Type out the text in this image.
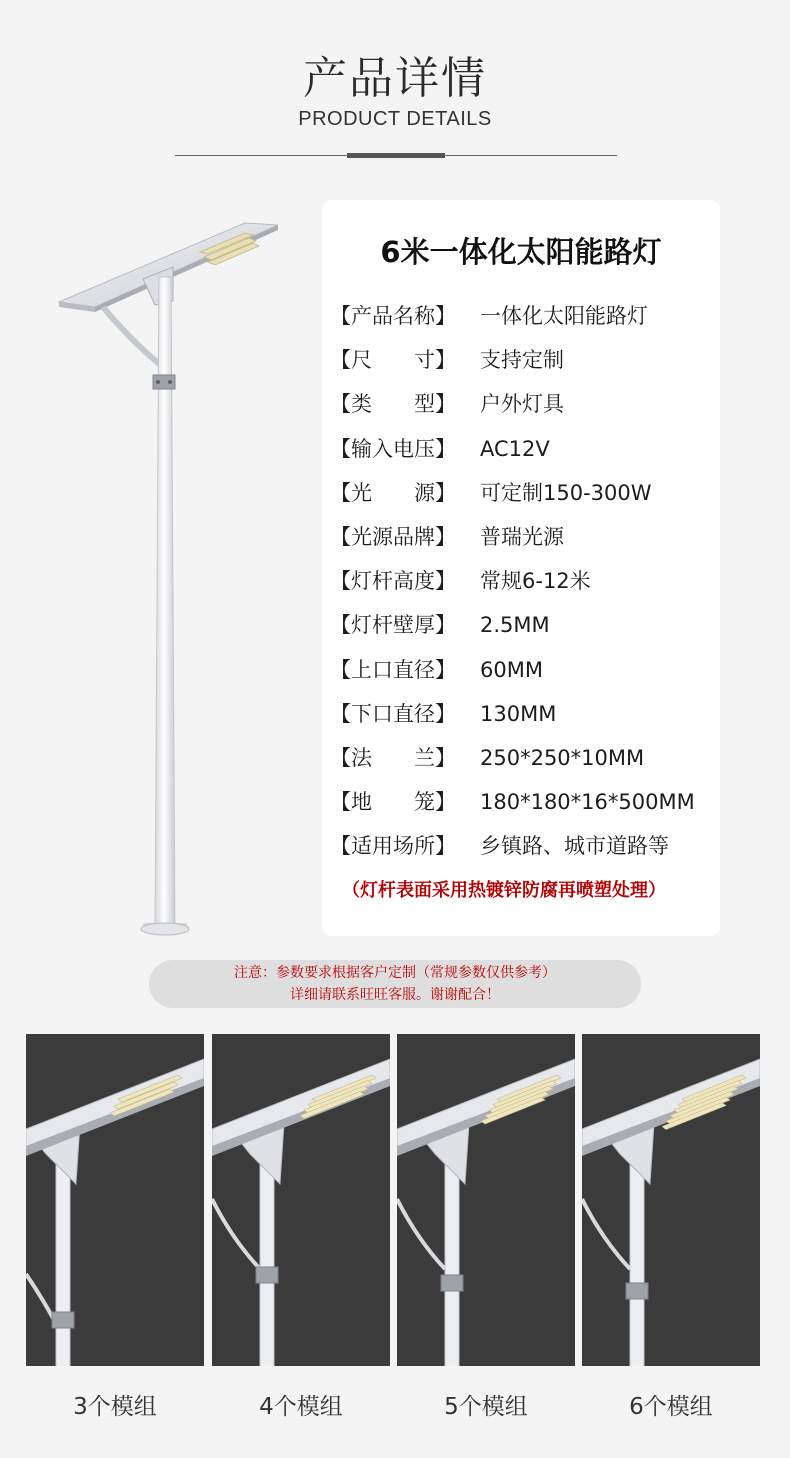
产品详情
PRODUCT DETAILS
6米一体化太阳能路灯
【产品名称】 一体化太阳能路灯
【尺　　寸】 支持定制
【类　　型】 户外灯具
【输入电压】 AC12V
【光　　源】 可定制150-300W
【光源品牌】 普瑞光源
【灯杆高度】 常规6-12米
【灯杆壁厚】 2.5MM
【上口直径】 60MM
【下口直径】 130MM
【法　　兰】 250*250*10MM
【地　　笼】 180*180*16*500MM
【适用场所】 乡镇路、城市道路等
（灯杆表面采用热镀锌防腐再喷塑处理）
注意：参数要求根据客户定制（常规参数仅供参考）
详细请联系旺旺客服。谢谢配合！
3个模组	4个模组	5个模组	6个模组
